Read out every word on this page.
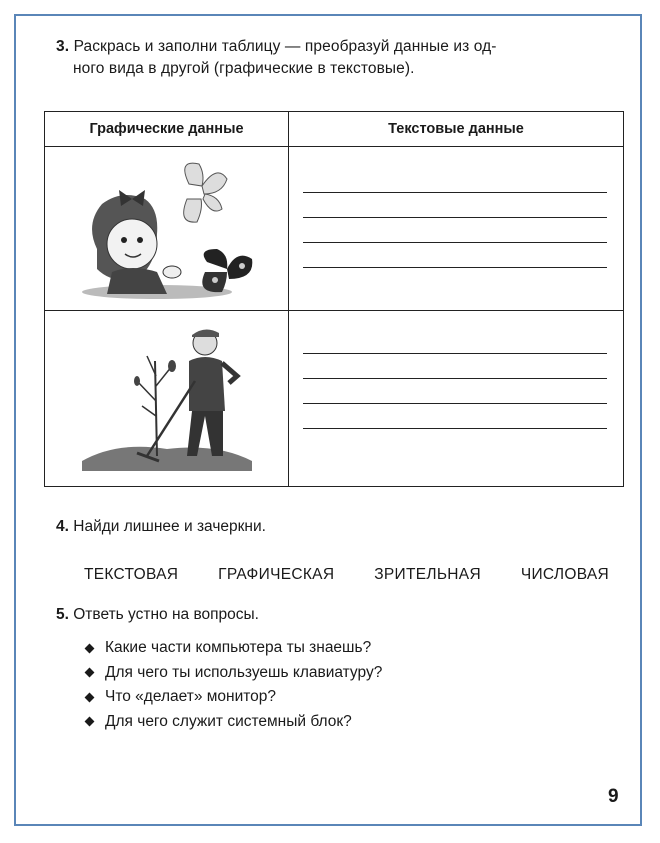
3. Раскрась и заполни таблицу — преобразуй данные из од-
ного вида в другой (графические в текстовые).
Графические данные	Текстовые данные

4. Найди лишнее и зачеркни.
ТЕКСТОВАЯ	ГРАФИЧЕСКАЯ	ЗРИТЕЛЬНАЯ	ЧИСЛОВАЯ
5. Ответь устно на вопросы.
Какие части компьютера ты знаешь?
Для чего ты используешь клавиатуру?
Что «делает» монитор?
Для чего служит системный блок?
9
